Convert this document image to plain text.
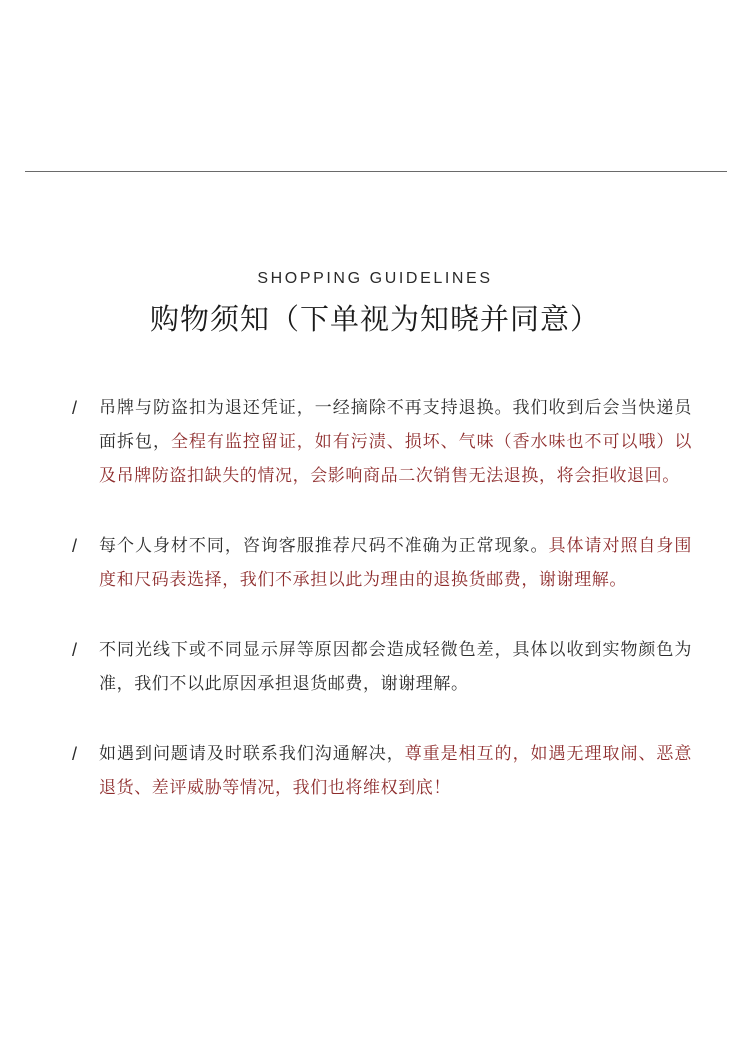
SHOPPING GUIDELINES
购物须知（下单视为知晓并同意）
/	吊牌与防盗扣为退还凭证，一经摘除不再支持退换。我们收到后会当快递员面拆包，全程有监控留证，如有污渍、损坏、气味（香水味也不可以哦）以及吊牌防盗扣缺失的情况，会影响商品二次销售无法退换，将会拒收退回。
/	每个人身材不同，咨询客服推荐尺码不准确为正常现象。具体请对照自身围度和尺码表选择，我们不承担以此为理由的退换货邮费，谢谢理解。
/	不同光线下或不同显示屏等原因都会造成轻微色差，具体以收到实物颜色为准，我们不以此原因承担退货邮费，谢谢理解。
/	如遇到问题请及时联系我们沟通解决，尊重是相互的，如遇无理取闹、恶意退货、差评威胁等情况，我们也将维权到底！
